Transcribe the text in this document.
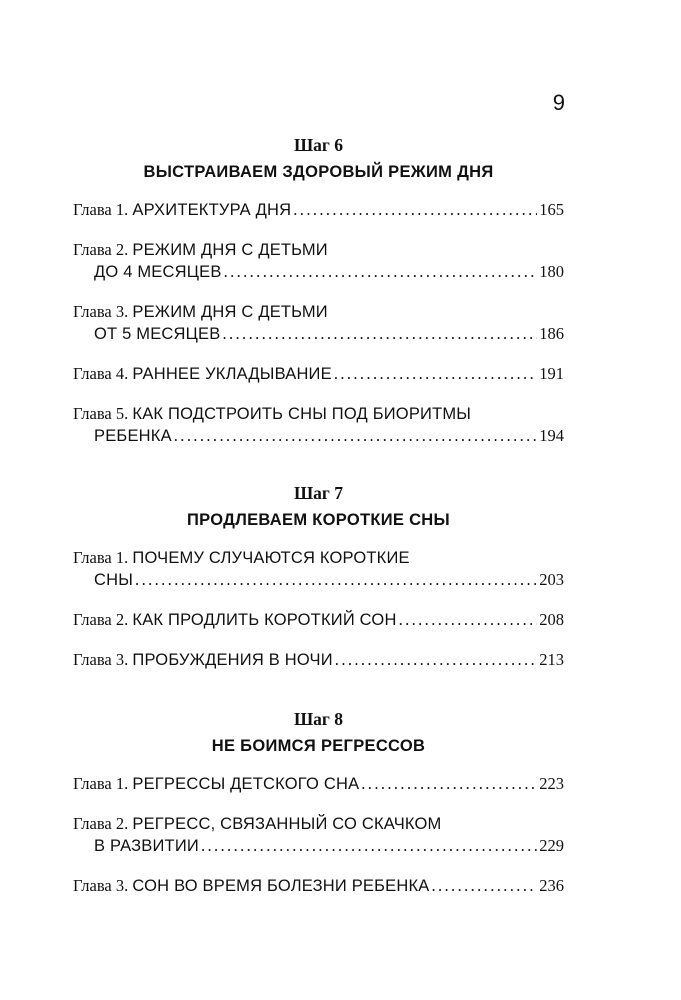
9
Шаг 6
ВЫСТРАИВАЕМ ЗДОРОВЫЙ РЕЖИМ ДНЯ
Глава 1.
АРХИТЕКТУРА ДНЯ .....	165
Глава 2.
РЕЖИМ ДНЯ С ДЕТЬМИ
ДО 4 МЕСЯЦЕВ .....	180
Глава 3.
РЕЖИМ ДНЯ С ДЕТЬМИ
ОТ 5 МЕСЯЦЕВ .....	186
Глава 4.
РАННЕЕ УКЛАДЫВАНИЕ .....	191
Глава 5.
КАК ПОДСТРОИТЬ СНЫ ПОД БИОРИТМЫ
РЕБЕНКА .....	194
Шаг 7
ПРОДЛЕВАЕМ КОРОТКИЕ СНЫ
Глава 1.
ПОЧЕМУ СЛУЧАЮТСЯ КОРОТКИЕ
СНЫ .....	203
Глава 2.
КАК ПРОДЛИТЬ КОРОТКИЙ СОН .....	208
Глава 3.
ПРОБУЖДЕНИЯ В НОЧИ .....	213
Шаг 8
НЕ БОИМСЯ РЕГРЕССОВ
Глава 1.
РЕГРЕССЫ ДЕТСКОГО СНА .....	223
Глава 2.
РЕГРЕСС, СВЯЗАННЫЙ СО СКАЧКОМ
В РАЗВИТИИ .....	229
Глава 3.
СОН ВО ВРЕМЯ БОЛЕЗНИ РЕБЕНКА .....	236
